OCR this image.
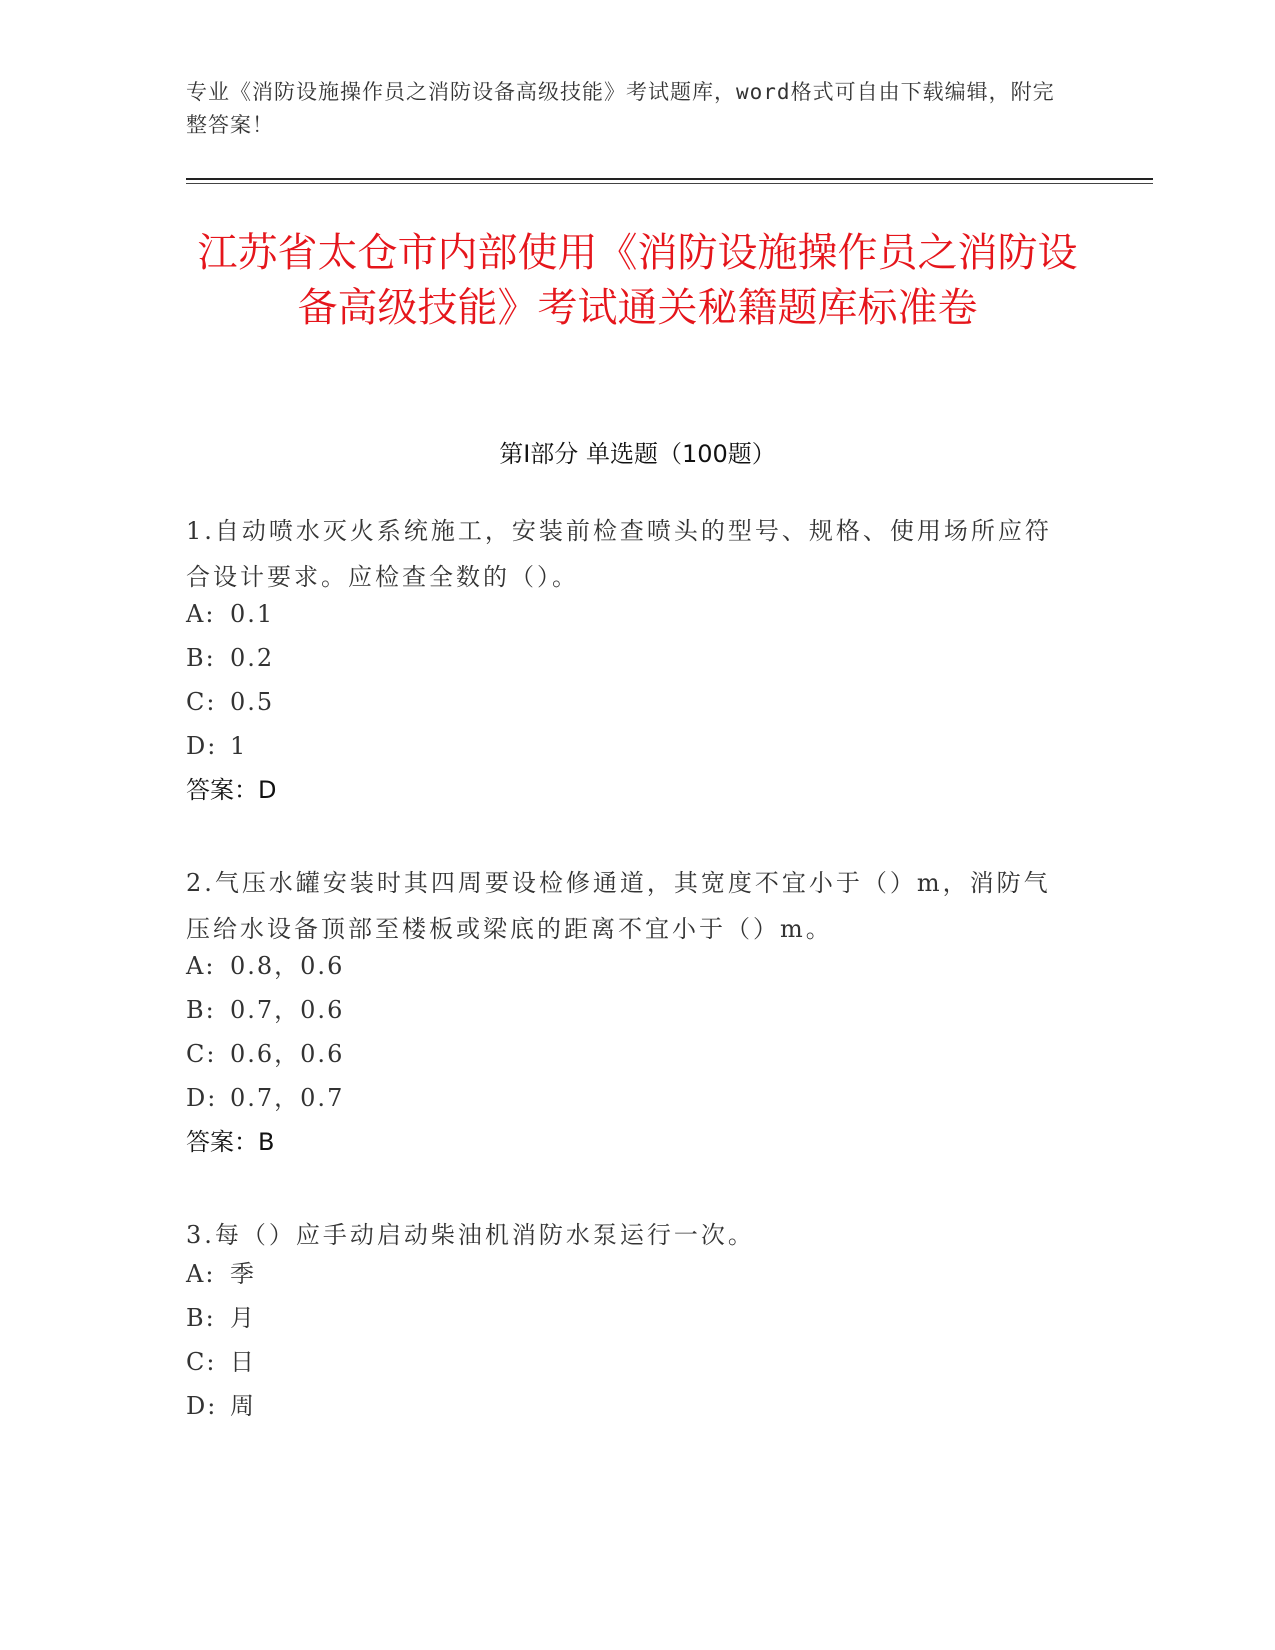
专业《消防设施操作员之消防设备高级技能》考试题库，word格式可自由下载编辑，附完整答案！
江苏省太仓市内部使用《消防设施操作员之消防设备高级技能》考试通关秘籍题库标准卷
第I部分 单选题（100题）
1.自动喷水灭火系统施工，安装前检查喷头的型号、规格、使用场所应符合设计要求。应检查全数的（）。
A: 0.1
B: 0.2
C: 0.5
D: 1
答案：D
2.气压水罐安装时其四周要设检修通道，其宽度不宜小于（）m，消防气压给水设备顶部至楼板或梁底的距离不宜小于（）m。
A: 0.8，0.6
B: 0.7，0.6
C: 0.6，0.6
D: 0.7，0.7
答案：B
3.每（）应手动启动柴油机消防水泵运行一次。
A: 季
B: 月
C: 日
D: 周
